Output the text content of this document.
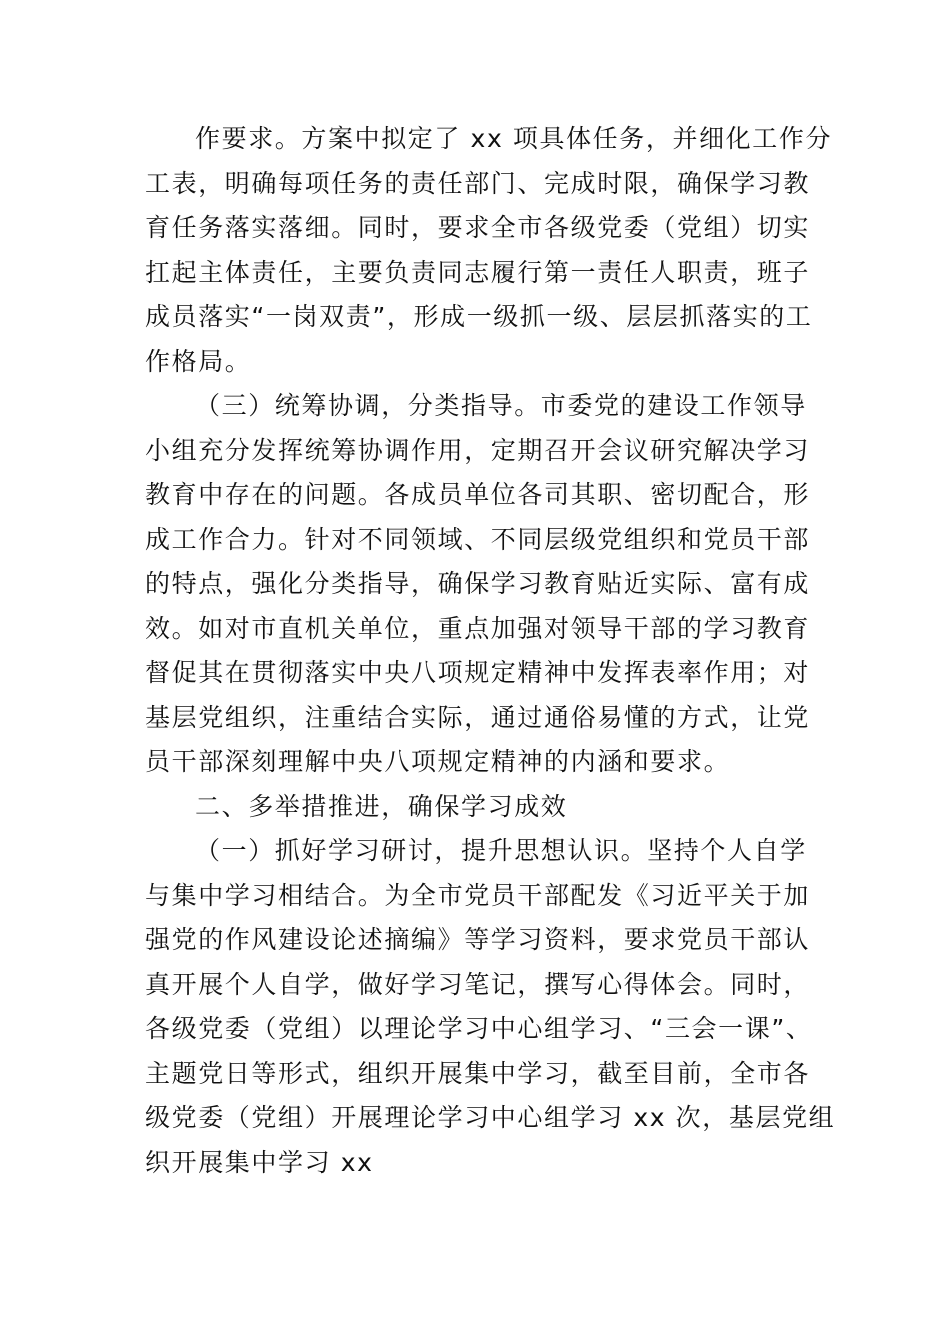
作要求。方案中拟定了 xx 项具体任务，并细化工作分
工表，明确每项任务的责任部门、完成时限，确保学习教
育任务落实落细。同时，要求全市各级党委（党组）切实
扛起主体责任，主要负责同志履行第一责任人职责，班子
成员落实“一岗双责”，形成一级抓一级、层层抓落实的工
作格局。
（三）统筹协调，分类指导。市委党的建设工作领导
小组充分发挥统筹协调作用，定期召开会议研究解决学习
教育中存在的问题。各成员单位各司其职、密切配合，形
成工作合力。针对不同领域、不同层级党组织和党员干部
的特点，强化分类指导，确保学习教育贴近实际、富有成
效。如对市直机关单位，重点加强对领导干部的学习教育
督促其在贯彻落实中央八项规定精神中发挥表率作用；对
基层党组织，注重结合实际，通过通俗易懂的方式，让党
员干部深刻理解中央八项规定精神的内涵和要求。
二、多举措推进，确保学习成效
（一）抓好学习研讨，提升思想认识。坚持个人自学
与集中学习相结合。为全市党员干部配发《习近平关于加
强党的作风建设论述摘编》等学习资料，要求党员干部认
真开展个人自学，做好学习笔记，撰写心得体会。同时，
各级党委（党组）以理论学习中心组学习、“三会一课”、
主题党日等形式，组织开展集中学习，截至目前，全市各
级党委（党组）开展理论学习中心组学习 xx 次，基层党组
织开展集中学习 xx
